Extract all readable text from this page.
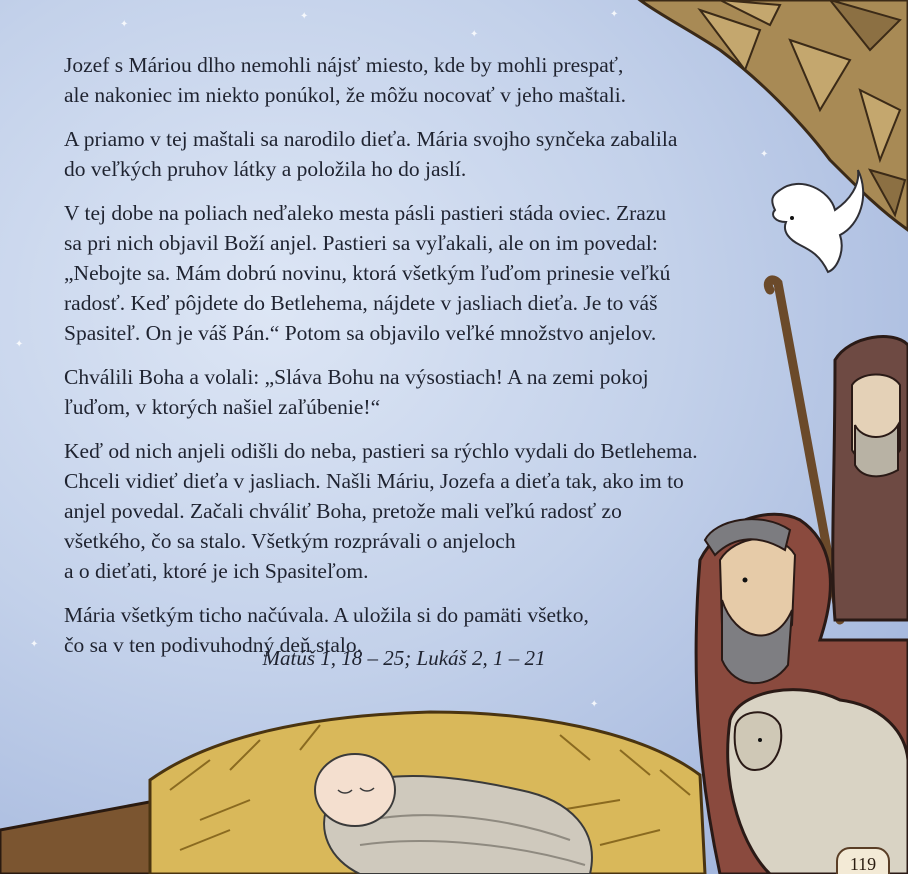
✦
✦
✦
✦
✦
✦
✦
✦

Jozef s Máriou dlho nemohli nájsť miesto, kde by mohli prespať,
ale nakoniec im niekto ponúkol, že môžu nocovať v jeho maštali.

A priamo v tej maštali sa narodilo dieťa. Mária svojho synčeka zabalila
do veľkých pruhov látky a položila ho do jaslí.

V tej dobe na poliach neďaleko mesta pásli pastieri stáda oviec. Zrazu
sa pri nich objavil Boží anjel. Pastieri sa vyľakali, ale on im povedal:
„Nebojte sa. Mám dobrú novinu, ktorá všetkým ľuďom prinesie veľkú
radosť. Keď pôjdete do Betlehema, nájdete v jasliach dieťa. Je to váš
Spasiteľ. On je váš Pán.“ Potom sa objavilo veľké množstvo anjelov.

Chválili Boha a volali: „Sláva Bohu na výsostiach! A na zemi pokoj
ľuďom, v ktorých našiel zaľúbenie!“

Keď od nich anjeli odišli do neba, pastieri sa rýchlo vydali do Betlehema.
Chceli vidieť dieťa v jasliach. Našli Máriu, Jozefa a dieťa tak, ako im to
anjel povedal. Začali chváliť Boha, pretože mali veľkú radosť zo
všetkého, čo sa stalo. Všetkým rozprávali o anjeloch
a o dieťati, ktoré je ich Spasiteľom.

Mária všetkým ticho načúvala. A uložila si do pamäti všetko,
čo sa v ten podivuhodný deň stalo.

Matúš 1, 18 – 25; Lukáš 2, 1 – 21
119
